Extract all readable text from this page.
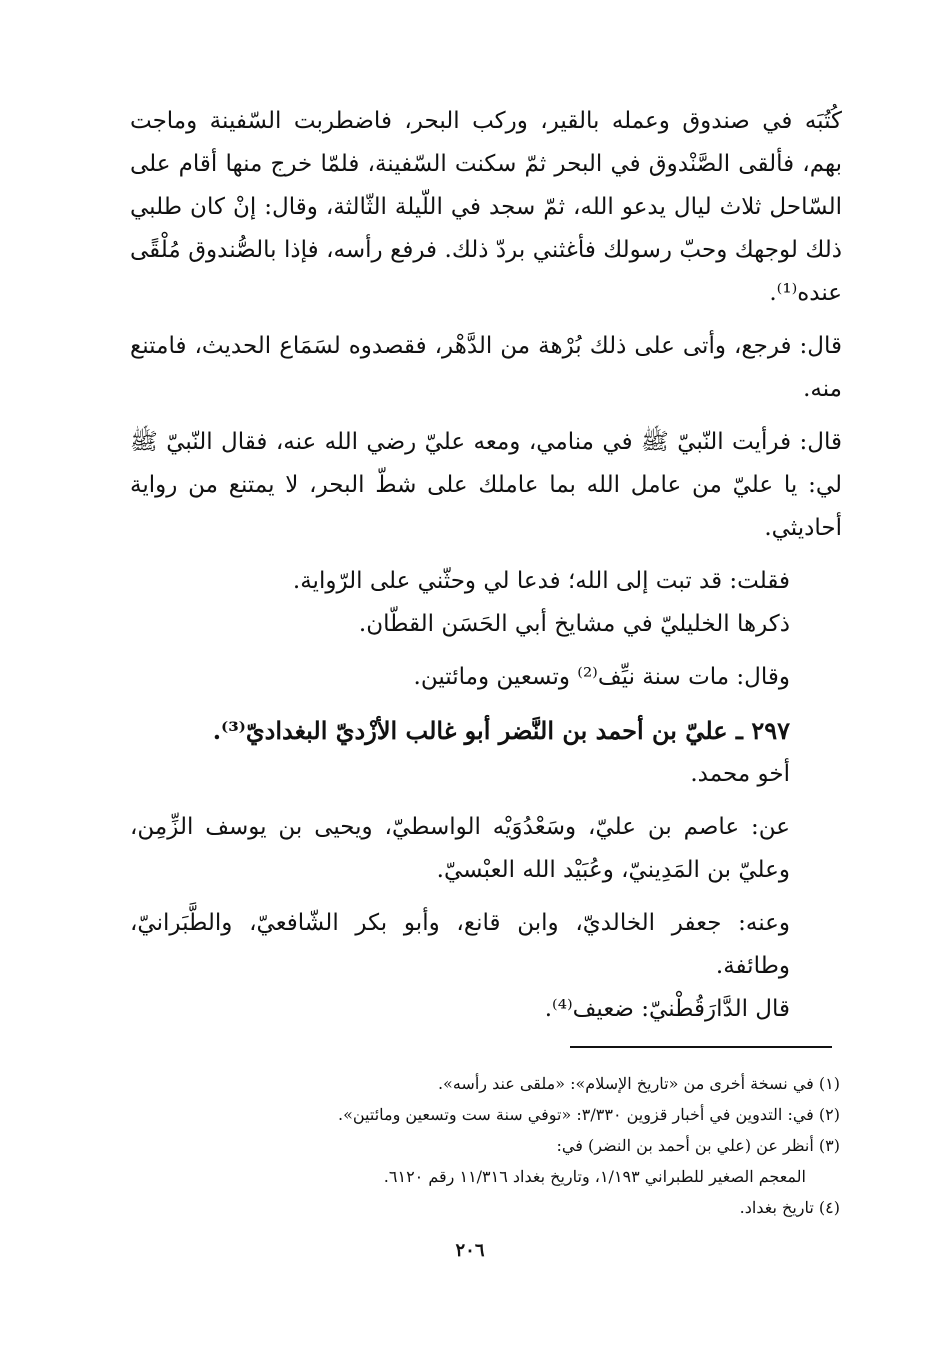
كُتُبَه في صندوق وعمله بالقير، وركب البحر، فاضطربت السّفينة وماجت بهم، فألقى الصَّنْدوق في البحر ثمّ سكنت السّفينة، فلمّا خرج منها أقام على السّاحل ثلاث ليال يدعو الله، ثمّ سجد في اللّيلة الثّالثة، وقال: إنْ كان طلبي ذلك لوجهك وحبّ رسولك فأغثني بردّ ذلك. فرفع رأسه، فإذا بالصُّندوق مُلْقًى عنده⁽¹⁾.

قال: فرجع، وأتى على ذلك بُرْهة من الدَّهْر، فقصدوه لسَمَاع الحديث، فامتنع منه.

قال: فرأيت النّبيّ ﷺ في منامي، ومعه عليّ رضي الله عنه، فقال النّبيّ ﷺ لي: يا عليّ من عامل الله بما عاملك على شطّ البحر، لا يمتنع من رواية أحاديثي.

فقلت: قد تبت إلى الله؛ فدعا لي وحثّني على الرّواية.

ذكرها الخليليّ في مشايخ أبي الحَسَن القطّان.

وقال: مات سنة نيِّف⁽²⁾ وتسعين ومائتين.

٢٩٧ ـ عليّ بن أحمد بن النَّضر أبو غالب الأزْديّ البغداديّ⁽³⁾.

أخو محمد.

عن: عاصم بن عليّ، وسَعْدُوَيْه الواسطيّ، ويحيى بن يوسف الزِّمِن، وعليّ بن المَدِينيّ، وعُبَيْد الله العبْسيّ.

وعنه: جعفر الخالديّ، وابن قانع، وأبو بكر الشّافعيّ، والطَّبَرانيّ، وطائفة.

قال الدَّارَقُطْنيّ: ضعيف⁽⁴⁾.

(١) في نسخة أخرى من «تاريخ الإسلام»: «ملقى عند رأسه».

(٢) في: التدوين في أخبار قزوين ٣/٣٣٠: «توفي سنة ست وتسعين ومائتين».

(٣) أنظر عن (علي بن أحمد بن النضر) في:

المعجم الصغير للطبراني ١/١٩٣، وتاريخ بغداد ١١/٣١٦ رقم ٦١٢٠.

(٤) تاريخ بغداد.

٢٠٦
